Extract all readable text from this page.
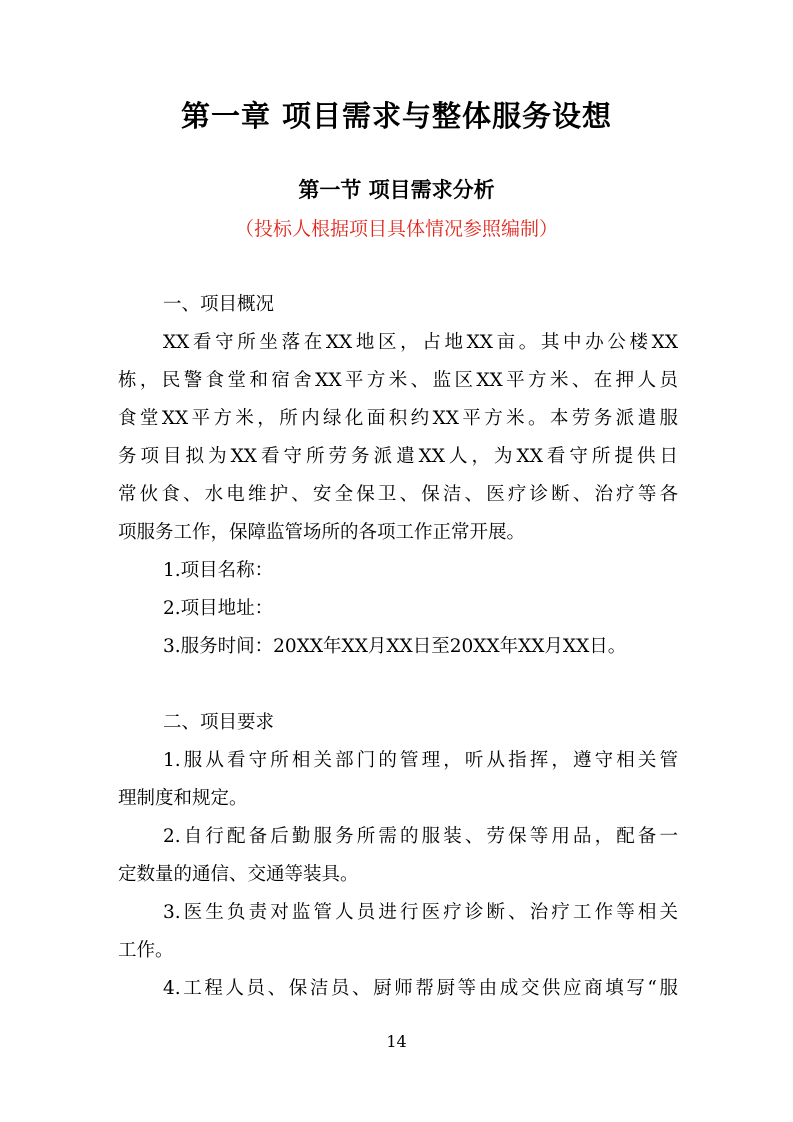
第一章 项目需求与整体服务设想
第一节 项目需求分析
（投标人根据项目具体情况参照编制）
一、项目概况
XX看守所坐落在XX地区，占地XX亩。其中办公楼XX
栋，民警食堂和宿舍XX平方米、监区XX平方米、在押人员
食堂XX平方米，所内绿化面积约XX平方米。本劳务派遣服
务项目拟为XX看守所劳务派遣XX人，为XX看守所提供日
常伙食、水电维护、安全保卫、保洁、医疗诊断、治疗等各
项服务工作，保障监管场所的各项工作正常开展。
1.项目名称：
2.项目地址：
3.服务时间：20XX年XX月XX日至20XX年XX月XX日。
二、项目要求
1.服从看守所相关部门的管理，听从指挥，遵守相关管
理制度和规定。
2.自行配备后勤服务所需的服装、劳保等用品，配备一
定数量的通信、交通等装具。
3.医生负责对监管人员进行医疗诊断、治疗工作等相关
工作。
4.工程人员、保洁员、厨师帮厨等由成交供应商填写“服
14
